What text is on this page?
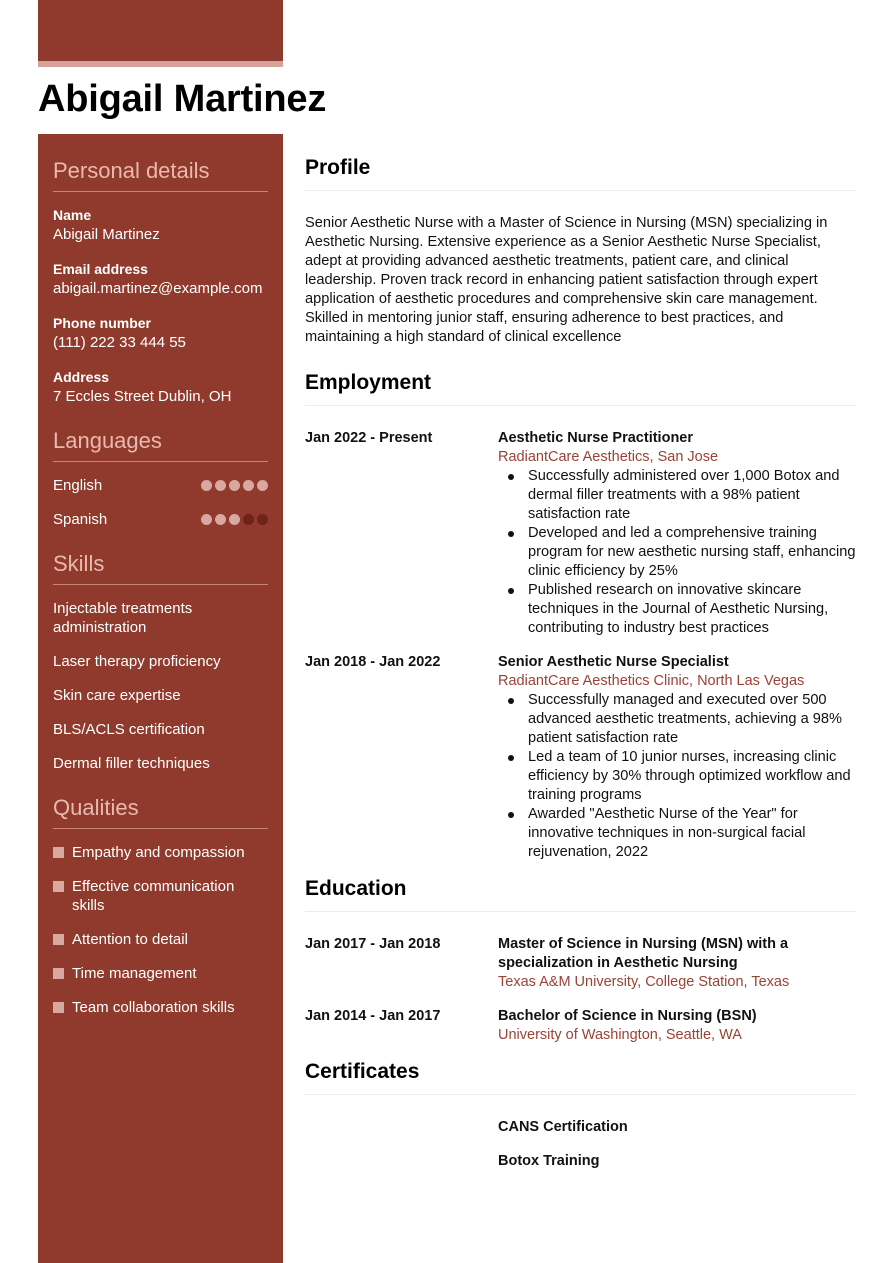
Abigail Martinez
Personal details
Name
Abigail Martinez
Email address
abigail.martinez@example.com
Phone number
(111) 222 33 444 55
Address
7 Eccles Street Dublin, OH
Languages
English
Spanish
Skills
Injectable treatments administration
Laser therapy proficiency
Skin care expertise
BLS/ACLS certification
Dermal filler techniques
Qualities
Empathy and compassion
Effective communication skills
Attention to detail
Time management
Team collaboration skills
Profile

Senior Aesthetic Nurse with a Master of Science in Nursing (MSN) specializing in Aesthetic Nursing. Extensive experience as a Senior Aesthetic Nurse Specialist, adept at providing advanced aesthetic treatments, patient care, and clinical leadership. Proven track record in enhancing patient satisfaction through expert application of aesthetic procedures and comprehensive skin care management. Skilled in mentoring junior staff, ensuring adherence to best practices, and maintaining a high standard of clinical excellence

Employment
Jan 2022 - Present	Aesthetic Nurse Practitioner
RadiantCare Aesthetics, San Jose
Successfully administered over 1,000 Botox and dermal filler treatments with a 98% patient satisfaction rate
Developed and led a comprehensive training program for new aesthetic nursing staff, enhancing clinic efficiency by 25%
Published research on innovative skincare techniques in the Journal of Aesthetic Nursing, contributing to industry best practices
Jan 2018 - Jan 2022	Senior Aesthetic Nurse Specialist
RadiantCare Aesthetics Clinic, North Las Vegas
Successfully managed and executed over 500 advanced aesthetic treatments, achieving a 98% patient satisfaction rate
Led a team of 10 junior nurses, increasing clinic efficiency by 30% through optimized workflow and training programs
Awarded "Aesthetic Nurse of the Year" for innovative techniques in non-surgical facial rejuvenation, 2022
Education
Jan 2017 - Jan 2018	Master of Science in Nursing (MSN) with a specialization in Aesthetic Nursing
Texas A&M University, College Station, Texas
Jan 2014 - Jan 2017	Bachelor of Science in Nursing (BSN)
University of Washington, Seattle, WA
Certificates
CANS Certification
Botox Training
